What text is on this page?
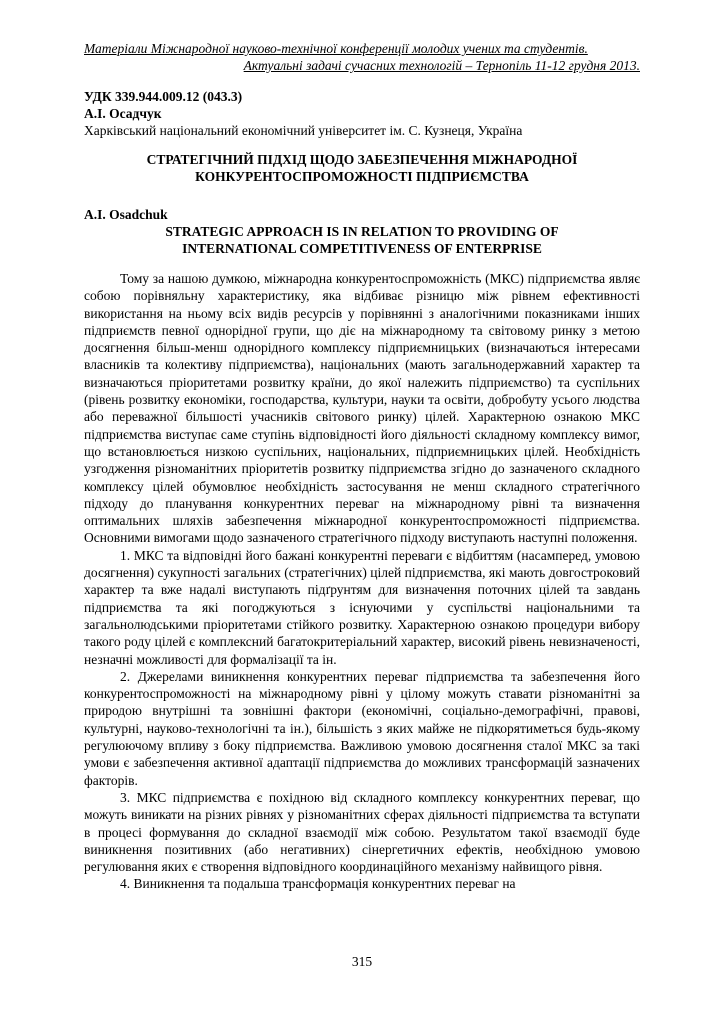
Матеріали Міжнародної науково-технічної конференції молодих учених та студентів.
Актуальні задачі сучасних технологій – Тернопіль 11-12 грудня 2013.
УДК 339.944.009.12 (043.3)
А.І. Осадчук
Харківський національний економічний університет ім. С. Кузнеця, Україна
СТРАТЕГІЧНИЙ ПІДХІД ЩОДО ЗАБЕЗПЕЧЕННЯ МІЖНАРОДНОЇ
КОНКУРЕНТОСПРОМОЖНОСТІ ПІДПРИЄМСТВА
A.I. Osadchuk
STRATEGIC APPROACH IS IN RELATION TO PROVIDING OF
INTERNATIONAL COMPETITIVENESS OF ENTERPRISE

Тому за нашою думкою, міжнародна конкурентоспроможність (МКС) підприємства являє собою порівняльну характеристику, яка відбиває різницю між рівнем ефективності використання на ньому всіх видів ресурсів у порівнянні з аналогічними показниками інших підприємств певної однорідної групи, що діє на міжнародному та світовому ринку з метою досягнення більш-менш однорідного комплексу підприємницьких (визначаються інтересами власників та колективу підприємства), національних (мають загальнодержавний характер та визначаються пріоритетами розвитку країни, до якої належить підприємство) та суспільних (рівень розвитку економіки, господарства, культури, науки та освіти, добробуту усього людства або переважної більшості учасників світового ринку) цілей. Характерною ознакою МКС підприємства виступає саме ступінь відповідності його діяльності складному комплексу вимог, що встановлюється низкою суспільних, національних, підприємницьких цілей. Необхідність узгодження різноманітних пріоритетів розвитку підприємства згідно до зазначеного складного комплексу цілей обумовлює необхідність застосування не менш складного стратегічного підходу до планування конкурентних переваг на міжнародному рівні та визначення оптимальних шляхів забезпечення міжнародної конкурентоспроможності підприємства. Основними вимогами щодо зазначеного стратегічного підходу виступають наступні положення.

1. МКС та відповідні його бажані конкурентні переваги є відбиттям (насамперед, умовою досягнення) сукупності загальних (стратегічних) цілей підприємства, які мають довгостроковий характер та вже надалі виступають підґрунтям для визначення поточних цілей та завдань підприємства та які погоджуються з існуючими у суспільстві національними та загальнолюдськими пріоритетами стійкого розвитку. Характерною ознакою процедури вибору такого роду цілей є комплексний багатокритеріальний характер, високий рівень невизначеності, незначні можливості для формалізації та ін.

2. Джерелами виникнення конкурентних переваг підприємства та забезпечення його конкурентоспроможності на міжнародному рівні у цілому можуть ставати різноманітні за природою внутрішні та зовнішні фактори (економічні, соціально-демографічні, правові, культурні, науково-технологічні та ін.), більшість з яких майже не підкорятиметься будь-якому регулюючому впливу з боку підприємства. Важливою умовою досягнення сталої МКС за такі умови є забезпечення активної адаптації підприємства до можливих трансформацій зазначених факторів.

3. МКС підприємства є похідною від складного комплексу конкурентних переваг, що можуть виникати на різних рівнях у різноманітних сферах діяльності підприємства та вступати в процесі формування до складної взаємодії між собою. Результатом такої взаємодії буде виникнення позитивних (або негативних) сінергетичних ефектів, необхідною умовою регулювання яких є створення відповідного координаційного механізму найвищого рівня.

4. Виникнення та подальша трансформація конкурентних переваг на

315
